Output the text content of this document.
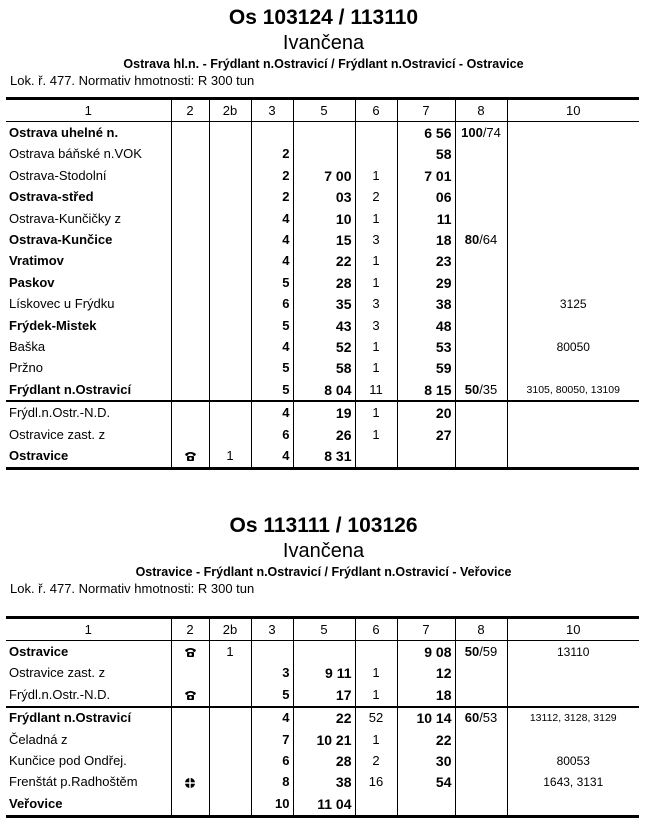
Os 103124 / 113110
Ivančena
Ostrava hl.n. - Frýdlant n.Ostravicí / Frýdlant n.Ostravicí - Ostravice
Lok. ř. 477. Normativ hmotnosti: R 300 tun
1	2	2b	3	5	6	7	8	10
Ostrava uhelné n.						6 56	100/74	
Ostrava báňské n.VOK			2			58		
Ostrava-Stodolní			2	7 00	1	7 01		
Ostrava-střed			2	03	2	06		
Ostrava-Kunčičky z			4	10	1	11		
Ostrava-Kunčice			4	15	3	18	80/64	
Vratimov			4	22	1	23		
Paskov			5	28	1	29		
Lískovec u Frýdku			6	35	3	38		3125
Frýdek-Mistek			5	43	3	48		
Baška			4	52	1	53		80050
Pržno			5	58	1	59		
Frýdlant n.Ostravicí			5	8 04	11	8 15	50/35	3105, 80050, 13109
Frýdl.n.Ostr.-N.D.			4	19	1	20		
Ostravice zast. z			6	26	1	27		
Ostravice		1	4	8 31				
Os 113111 / 103126
Ivančena
Ostravice - Frýdlant n.Ostravicí / Frýdlant n.Ostravicí - Veřovice
Lok. ř. 477. Normativ hmotnosti: R 300 tun
1	2	2b	3	5	6	7	8	10
Ostravice		1				9 08	50/59	13110
Ostravice zast. z			3	9 11	1	12		
Frýdl.n.Ostr.-N.D.			5	17	1	18		
Frýdlant n.Ostravicí			4	22	52	10 14	60/53	13112, 3128, 3129
Čeladná z			7	10 21	1	22		
Kunčice pod Ondřej.			6	28	2	30		80053
Frenštát p.Radhoštěm			8	38	16	54		1643, 3131
Veřovice			10	11 04				
